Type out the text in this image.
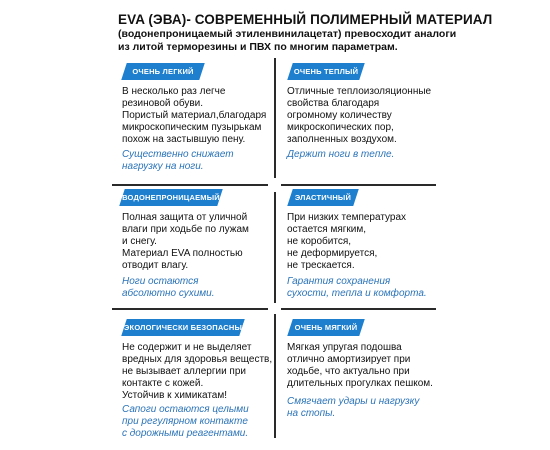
EVA (ЭВА)- СОВРЕМЕННЫЙ ПОЛИМЕРНЫЙ МАТЕРИАЛ
(водонепроницаемый этиленвинилацетат) превосходит аналоги
из литой терморезины и ПВХ по многим параметрам.
ОЧЕНЬ ЛЕГКИЙ
В несколько раз легче
резиновой обуви.
Пористый материал,благодаря
микроскопическим пузырькам
похож на застывшую пену.
Существенно снижает
нагрузку на ноги.
ОЧЕНЬ ТЕПЛЫЙ
Отличные теплоизоляционные
свойства благодаря
огромному количеству
микроскопических пор,
заполненных воздухом.
Держит ноги в тепле.
ВОДОНЕПРОНИЦАЕМЫЙ
Полная защита от уличной
влаги при ходьбе по лужам
и снегу.
Материал EVA полностью
отводит влагу.
Ноги остаются
абсолютно сухими.
ЭЛАСТИЧНЫЙ
При низких температурах
остается мягким,
не коробится,
не деформируется,
не трескается.
Гарантия сохранения
сухости, тепла и комфорта.
ЭКОЛОГИЧЕСКИ БЕЗОПАСНЫЙ
Не содержит и не выделяет
вредных для здоровья веществ,
не вызывает аллергии при
контакте с кожей.
Устойчив к химикатам!
Сапоги остаются целыми
при регулярном контакте
с дорожными реагентами.
ОЧЕНЬ МЯГКИЙ
Мягкая упругая подошва
отлично амортизирует при
ходьбе, что актуально при
длительных прогулках пешком.
Смягчает удары и нагрузку
на стопы.
